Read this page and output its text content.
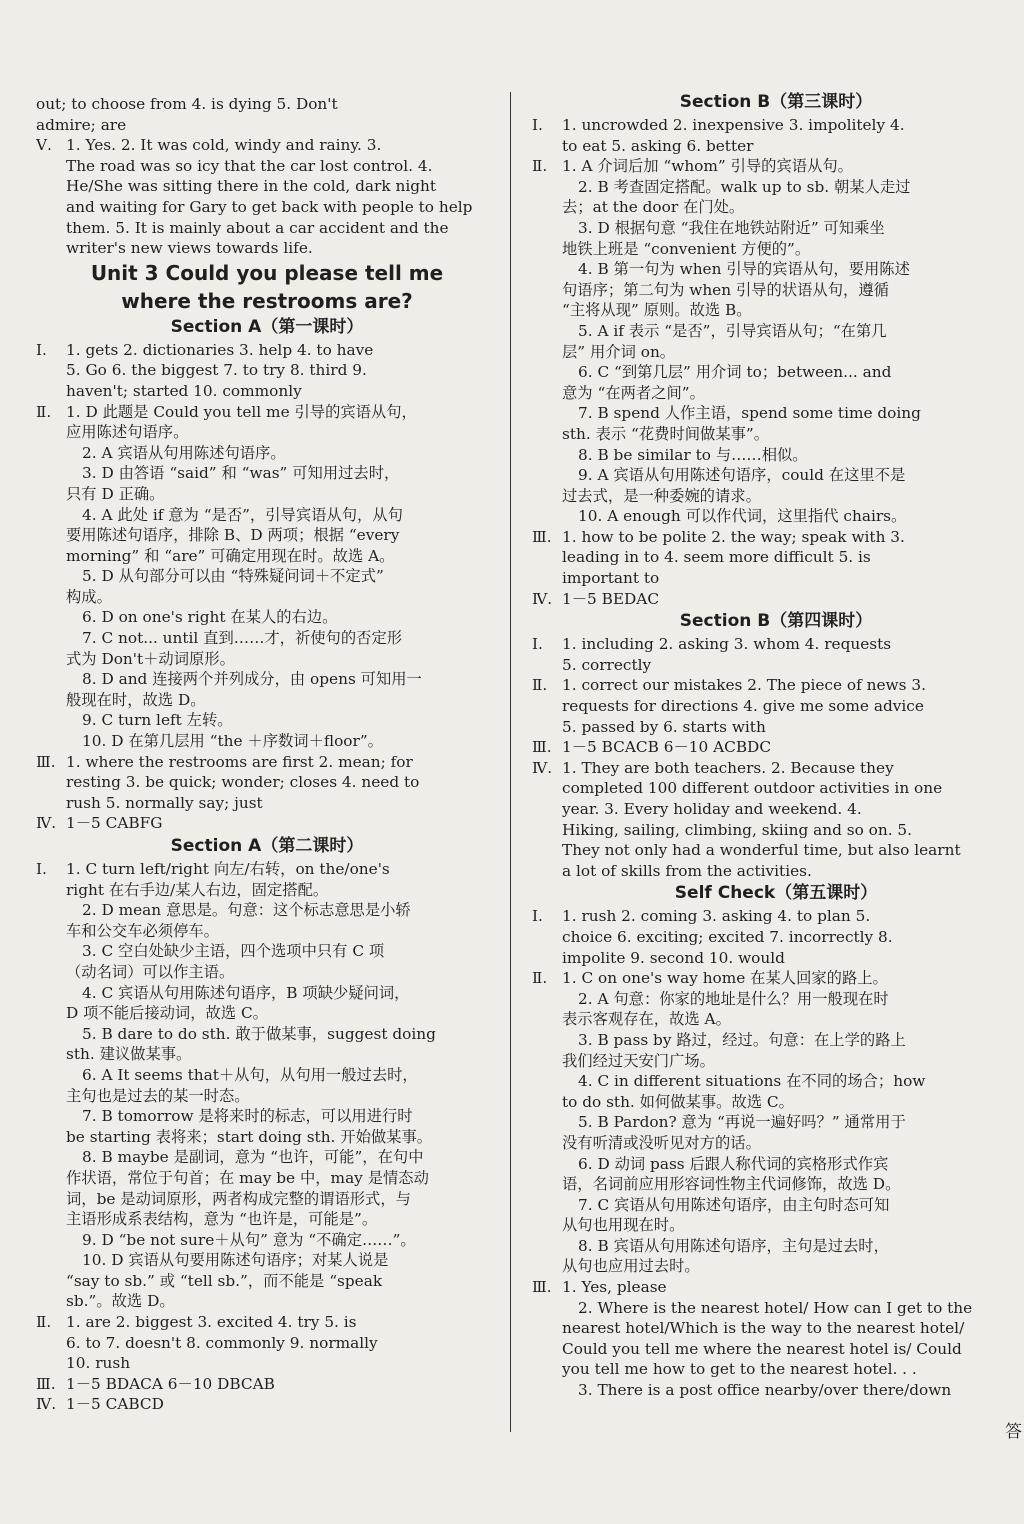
out; to choose from 4. is dying 5. Don't

admire; are

Ⅴ. 1. Yes. 2. It was cold, windy and rainy. 3.

The road was so icy that the car lost control. 4.

He/She was sitting there in the cold, dark night

and waiting for Gary to get back with people to help

them. 5. It is mainly about a car accident and the

writer's new views towards life.

Unit 3 Could you please tell me
where the restrooms are?
Section A（第一课时）
Ⅰ. 1. gets 2. dictionaries 3. help 4. to have

5. Go 6. the biggest 7. to try 8. third 9.

haven't; started 10. commonly

Ⅱ. 1. D 此题是 Could you tell me 引导的宾语从句，

应用陈述句语序。

2. A 宾语从句用陈述句语序。

3. D 由答语 “said” 和 “was” 可知用过去时，

只有 D 正确。

4. A 此处 if 意为 “是否”，引导宾语从句，从句

要用陈述句语序，排除 B、D 两项；根据 “every

morning” 和 “are” 可确定用现在时。故选 A。

5. D 从句部分可以由 “特殊疑问词＋不定式”

构成。

6. D on one's right 在某人的右边。

7. C not... until 直到……才，祈使句的否定形

式为 Don't＋动词原形。

8. D and 连接两个并列成分，由 opens 可知用一

般现在时，故选 D。

9. C turn left 左转。

10. D 在第几层用 “the ＋序数词＋floor”。

Ⅲ. 1. where the restrooms are first 2. mean; for

resting 3. be quick; wonder; closes 4. need to

rush 5. normally say; just

Ⅳ. 1－5 CABFG

Section A（第二课时）
Ⅰ. 1. C turn left/right 向左/右转，on the/one's

right 在右手边/某人右边，固定搭配。

2. D mean 意思是。句意：这个标志意思是小轿

车和公交车必须停车。

3. C 空白处缺少主语，四个选项中只有 C 项

（动名词）可以作主语。

4. C 宾语从句用陈述句语序，B 项缺少疑问词，

D 项不能后接动词，故选 C。

5. B dare to do sth. 敢于做某事，suggest doing

sth. 建议做某事。

6. A It seems that＋从句，从句用一般过去时，

主句也是过去的某一时态。

7. B tomorrow 是将来时的标志，可以用进行时

be starting 表将来；start doing sth. 开始做某事。

8. B maybe 是副词，意为 “也许，可能”，在句中

作状语，常位于句首；在 may be 中，may 是情态动

词，be 是动词原形，两者构成完整的谓语形式，与

主语形成系表结构，意为 “也许是，可能是”。

9. D “be not sure＋从句” 意为 “不确定……”。

10. D 宾语从句要用陈述句语序；对某人说是

“say to sb.” 或 “tell sb.”，而不能是 “speak

sb.”。故选 D。

Ⅱ. 1. are 2. biggest 3. excited 4. try 5. is

6. to 7. doesn't 8. commonly 9. normally

10. rush

Ⅲ. 1－5 BDACA 6－10 DBCAB

Ⅳ. 1－5 CABCD

Section B（第三课时）
Ⅰ. 1. uncrowded 2. inexpensive 3. impolitely 4.

to eat 5. asking 6. better

Ⅱ. 1. A 介词后加 “whom” 引导的宾语从句。

2. B 考查固定搭配。walk up to sb. 朝某人走过

去；at the door 在门处。

3. D 根据句意 “我住在地铁站附近” 可知乘坐

地铁上班是 “convenient 方便的”。

4. B 第一句为 when 引导的宾语从句，要用陈述

句语序；第二句为 when 引导的状语从句，遵循

“主将从现” 原则。故选 B。

5. A if 表示 “是否”，引导宾语从句；“在第几

层” 用介词 on。

6. C “到第几层” 用介词 to；between... and

意为 “在两者之间”。

7. B spend 人作主语，spend some time doing

sth. 表示 “花费时间做某事”。

8. B be similar to 与……相似。

9. A 宾语从句用陈述句语序，could 在这里不是

过去式，是一种委婉的请求。

10. A enough 可以作代词，这里指代 chairs。

Ⅲ. 1. how to be polite 2. the way; speak with 3.

leading in to 4. seem more difficult 5. is

important to

Ⅳ. 1－5 BEDAC

Section B（第四课时）
Ⅰ. 1. including 2. asking 3. whom 4. requests

5. correctly

Ⅱ. 1. correct our mistakes 2. The piece of news 3.

requests for directions 4. give me some advice

5. passed by 6. starts with

Ⅲ. 1－5 BCACB 6－10 ACBDC

Ⅳ. 1. They are both teachers. 2. Because they

completed 100 different outdoor activities in one

year. 3. Every holiday and weekend. 4.

Hiking, sailing, climbing, skiing and so on. 5.

They not only had a wonderful time, but also learnt

a lot of skills from the activities.

Self Check（第五课时）
Ⅰ. 1. rush 2. coming 3. asking 4. to plan 5.

choice 6. exciting; excited 7. incorrectly 8.

impolite 9. second 10. would

Ⅱ. 1. C on one's way home 在某人回家的路上。

2. A 句意：你家的地址是什么？用一般现在时

表示客观存在，故选 A。

3. B pass by 路过，经过。句意：在上学的路上

我们经过天安门广场。

4. C in different situations 在不同的场合；how

to do sth. 如何做某事。故选 C。

5. B Pardon? 意为 “再说一遍好吗？” 通常用于

没有听清或没听见对方的话。

6. D 动词 pass 后跟人称代词的宾格形式作宾

语，名词前应用形容词性物主代词修饰，故选 D。

7. C 宾语从句用陈述句语序，由主句时态可知

从句也用现在时。

8. B 宾语从句用陈述句语序，主句是过去时，

从句也应用过去时。

Ⅲ. 1. Yes, please

2. Where is the nearest hotel/ How can I get to the

nearest hotel/Which is the way to the nearest hotel/

Could you tell me where the nearest hotel is/ Could

you tell me how to get to the nearest hotel. . .

3. There is a post office nearby/over there/down

答
